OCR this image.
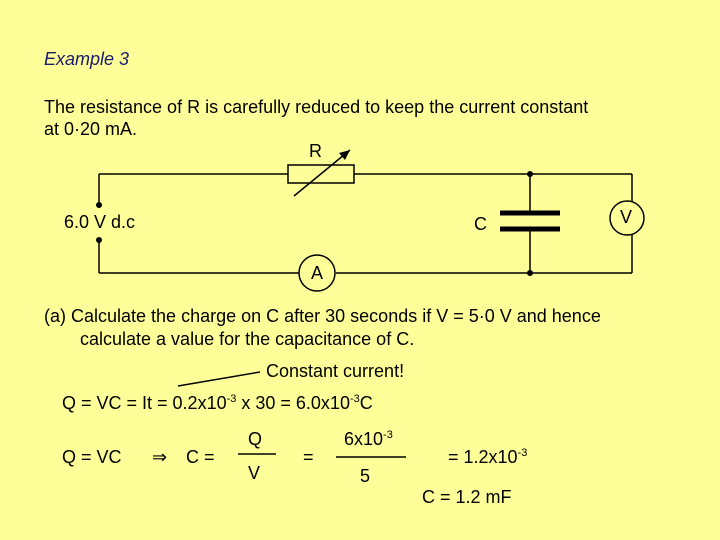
Example 3
The resistance of R is carefully reduced to keep the current constant
at 0·20 mA.
R
6.0 V d.c	C	V
A
(a) Calculate the charge on C after 30 seconds if V = 5·0 V and hence
calculate a value for the capacitance of C.
Constant current!
Q = VC = $It = 0.2x10^{-3}$ x $30 = 6.0x10^{-3}C$
Q = VC ⇒ C =
Q
V
=
$6x10^{-3}$
5
= $1.2x10^{-3}$
C = 1.2 mF
